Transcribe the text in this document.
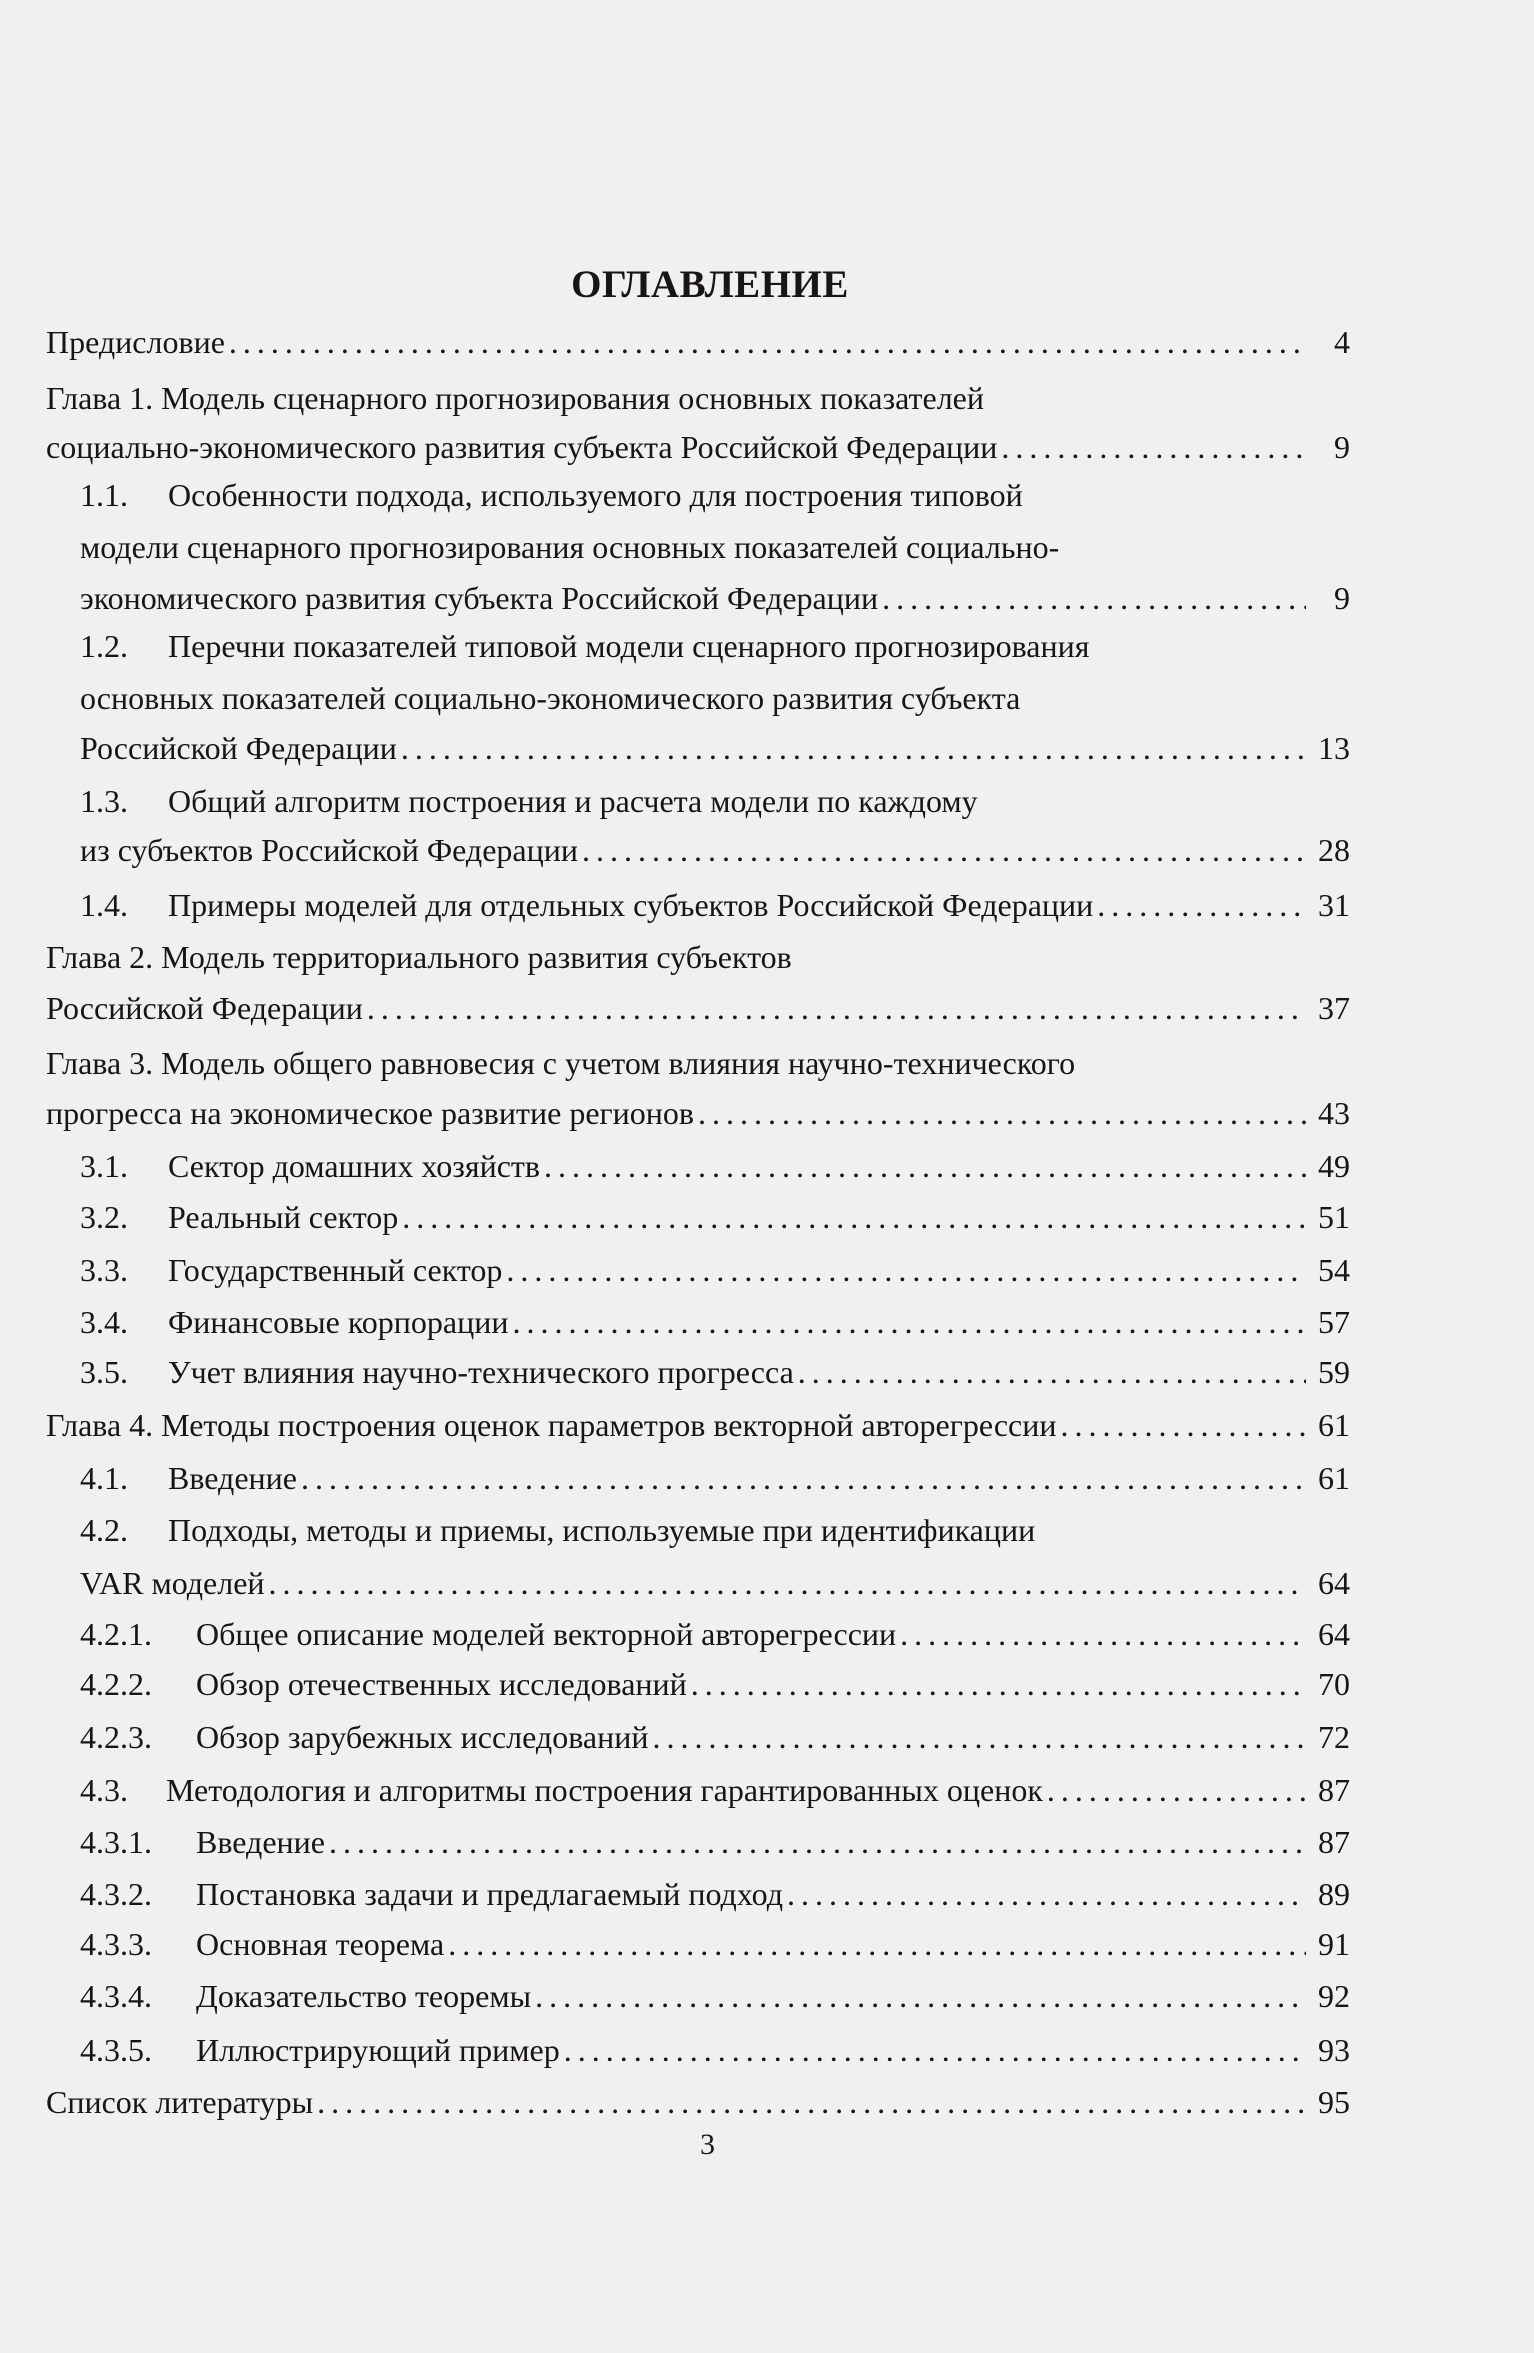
ОГЛАВЛЕНИЕ
Предисловие . . .	4
Глава 1. Модель сценарного прогнозирования основных показателей
социально-экономического развития субъекта Российской Федерации . . .	9
1.1. Особенности подхода, используемого для построения типовой
модели сценарного прогнозирования основных показателей социально-
экономического развития субъекта Российской Федерации . . .	9
1.2. Перечни показателей типовой модели сценарного прогнозирования
основных показателей социально-экономического развития субъекта
Российской Федерации . . .	13
1.3. Общий алгоритм построения и расчета модели по каждому
из субъектов Российской Федерации . . .	28
1.4.	Примеры моделей для отдельных субъектов Российской Федерации . . .	31
Глава 2. Модель территориального развития субъектов
Российской Федерации . . .	37
Глава 3. Модель общего равновесия с учетом влияния научно-технического
прогресса на экономическое развитие регионов . . .	43
3.1.	Сектор домашних хозяйств . . .	49
3.2.	Реальный сектор . . .	51
3.3.	Государственный сектор . . .	54
3.4.	Финансовые корпорации . . .	57
3.5.	Учет влияния научно-технического прогресса . . .	59
Глава 4. Методы построения оценок параметров векторной авторегрессии . . .	61
4.1.	Введение . . .	61
4.2. Подходы, методы и приемы, используемые при идентификации
VAR моделей . . .	64
4.2.1.	Общее описание моделей векторной авторегрессии . . .	64
4.2.2.	Обзор отечественных исследований . . .	70
4.2.3.	Обзор зарубежных исследований . . .	72
4.3.	Методология и алгоритмы построения гарантированных оценок . . .	87
4.3.1.	Введение . . .	87
4.3.2.	Постановка задачи и предлагаемый подход . . .	89
4.3.3.	Основная теорема . . .	91
4.3.4.	Доказательство теоремы . . .	92
4.3.5.	Иллюстрирующий пример . . .	93
Список литературы . . .	95
3
